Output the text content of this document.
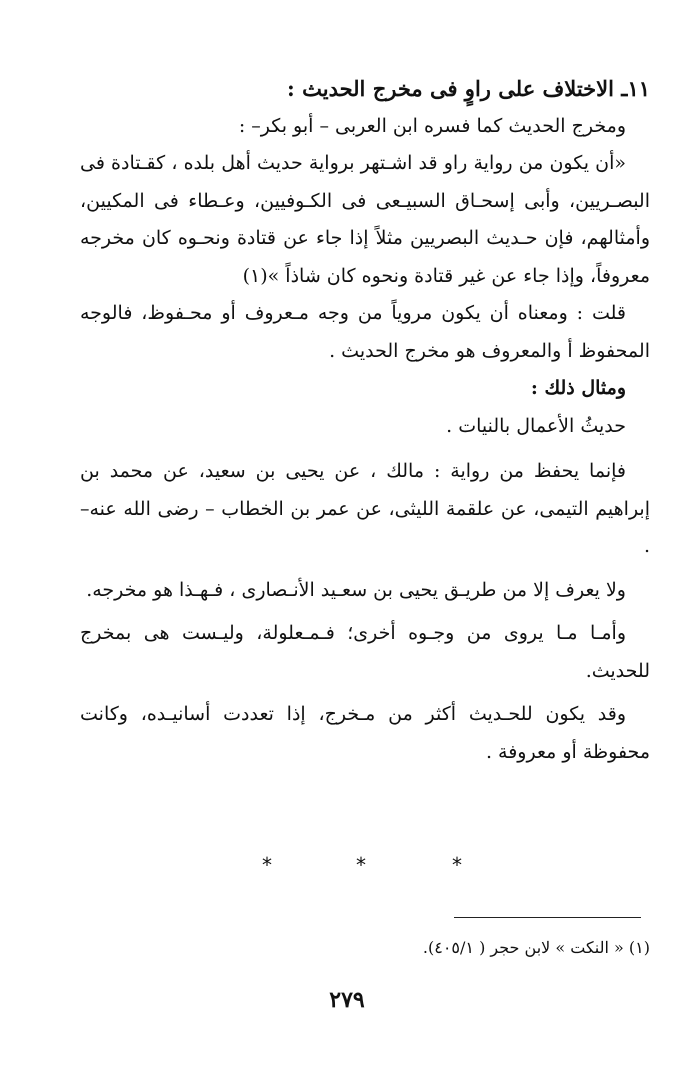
١١ـ الاختلاف على راوٍ فى مخرج الحديث :

ومخرج الحديث كما فسره ابن العربى – أبو بكر– :

«أن يكون من رواية راو قد اشـتهر برواية حديث أهل بلده ، كقـتادة فى البصـريين، وأبى إسحـاق السبيـعى فى الكـوفيين، وعـطاء فى المكيين، وأمثالهم، فإن حـديث البصريين مثلاً إذا جاء عن قتادة ونحـوه كان مخرجه معروفاً، وإذا جاء عن غير قتادة ونحوه كان شاذاً »(١)

قلت : ومعناه أن يكون مروياً من وجه مـعروف أو محـفوظ، فالوجه المحفوظ أ والمعروف هو مخرج الحديث .

ومثال ذلك :

حديثُ الأعمال بالنيات .

فإنما يحفظ من رواية : مالك ، عن يحيى بن سعيد، عن محمد بن إبراهيم التيمى، عن علقمة الليثى، عن عمر بن الخطاب – رضى الله عنه– .

ولا يعرف إلا من طريـق يحيى بن سعـيد الأنـصارى ، فـهـذا هو مخرجه.

وأمـا مـا يروى من وجـوه أخرى؛ فـمـعلولة، وليـست هى بمخرج للحديث.

وقد يكون للحـديث أكثر من مـخرج، إذا تعددت أسانيـده، وكانت محفوظة أو معروفة .

*
*
*
(١) « النكت » لابن حجر ( ٤٠٥/١).
٢٧٩
